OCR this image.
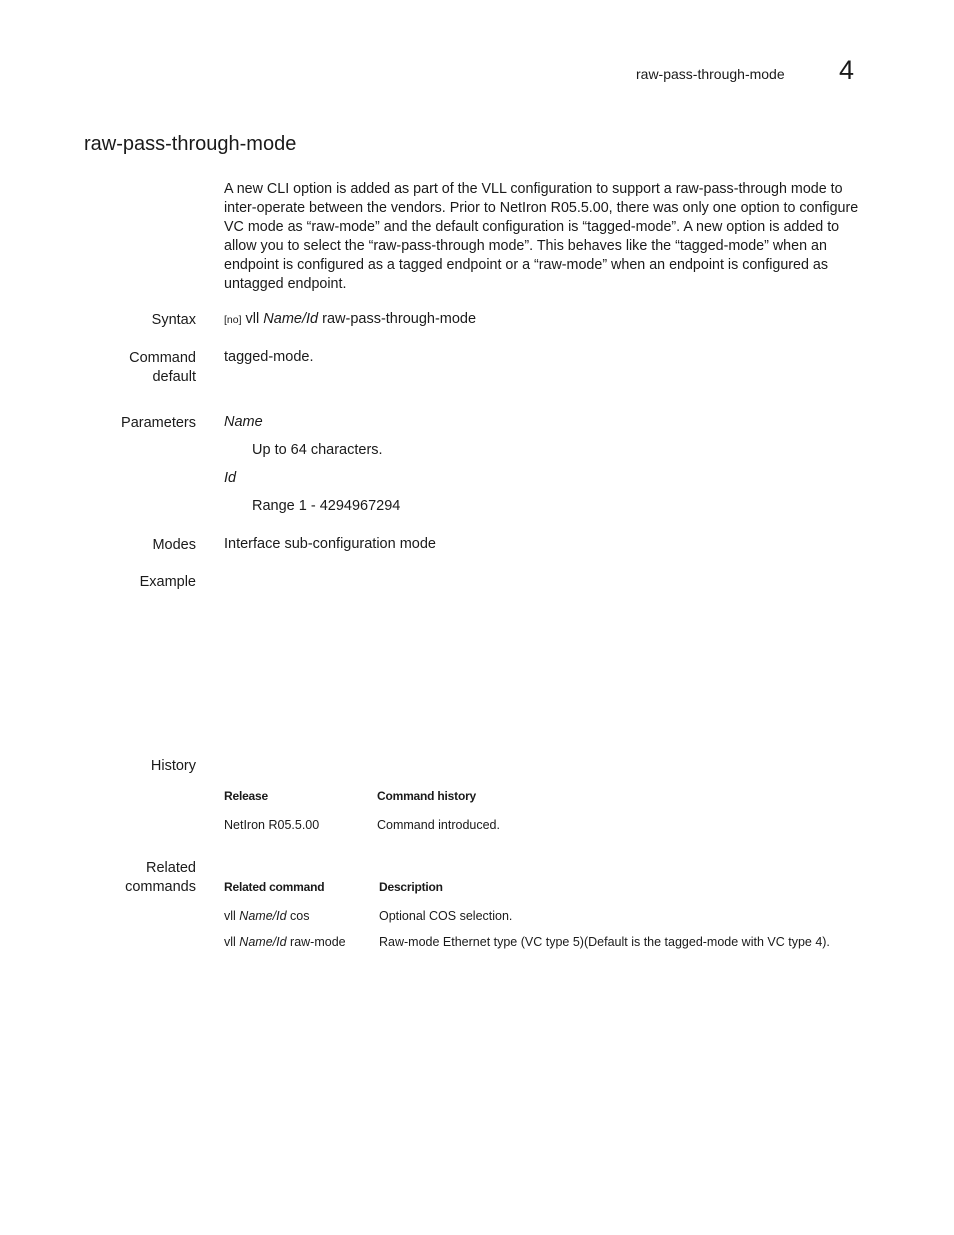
raw-pass-through-mode 4
raw-pass-through-mode
A new CLI option is added as part of the VLL configuration to support a raw-pass-through mode to inter-operate between the vendors. Prior to NetIron R05.5.00, there was only one option to configure VC mode as “raw-mode” and the default configuration is “tagged-mode”. A new option is added to allow you to select the “raw-pass-through mode”. This behaves like the “tagged-mode” when an endpoint is configured as a tagged endpoint or a “raw-mode” when an endpoint is configured as untagged endpoint.
Syntax	[no] vll Name/Id raw-pass-through-mode
Command
default
tagged-mode.
Parameters Name
Up to 64 characters.
Id
Range 1 - 4294967294
Modes Interface sub-configuration mode
Example
History
Release	Command history
NetIron R05.5.00	Command introduced.
Related
commands Related command	Description
vll Name/Id cos	Optional COS selection.
vll Name/Id raw-mode	Raw-mode Ethernet type (VC type 5)(Default is the tagged-mode with VC type 4).
